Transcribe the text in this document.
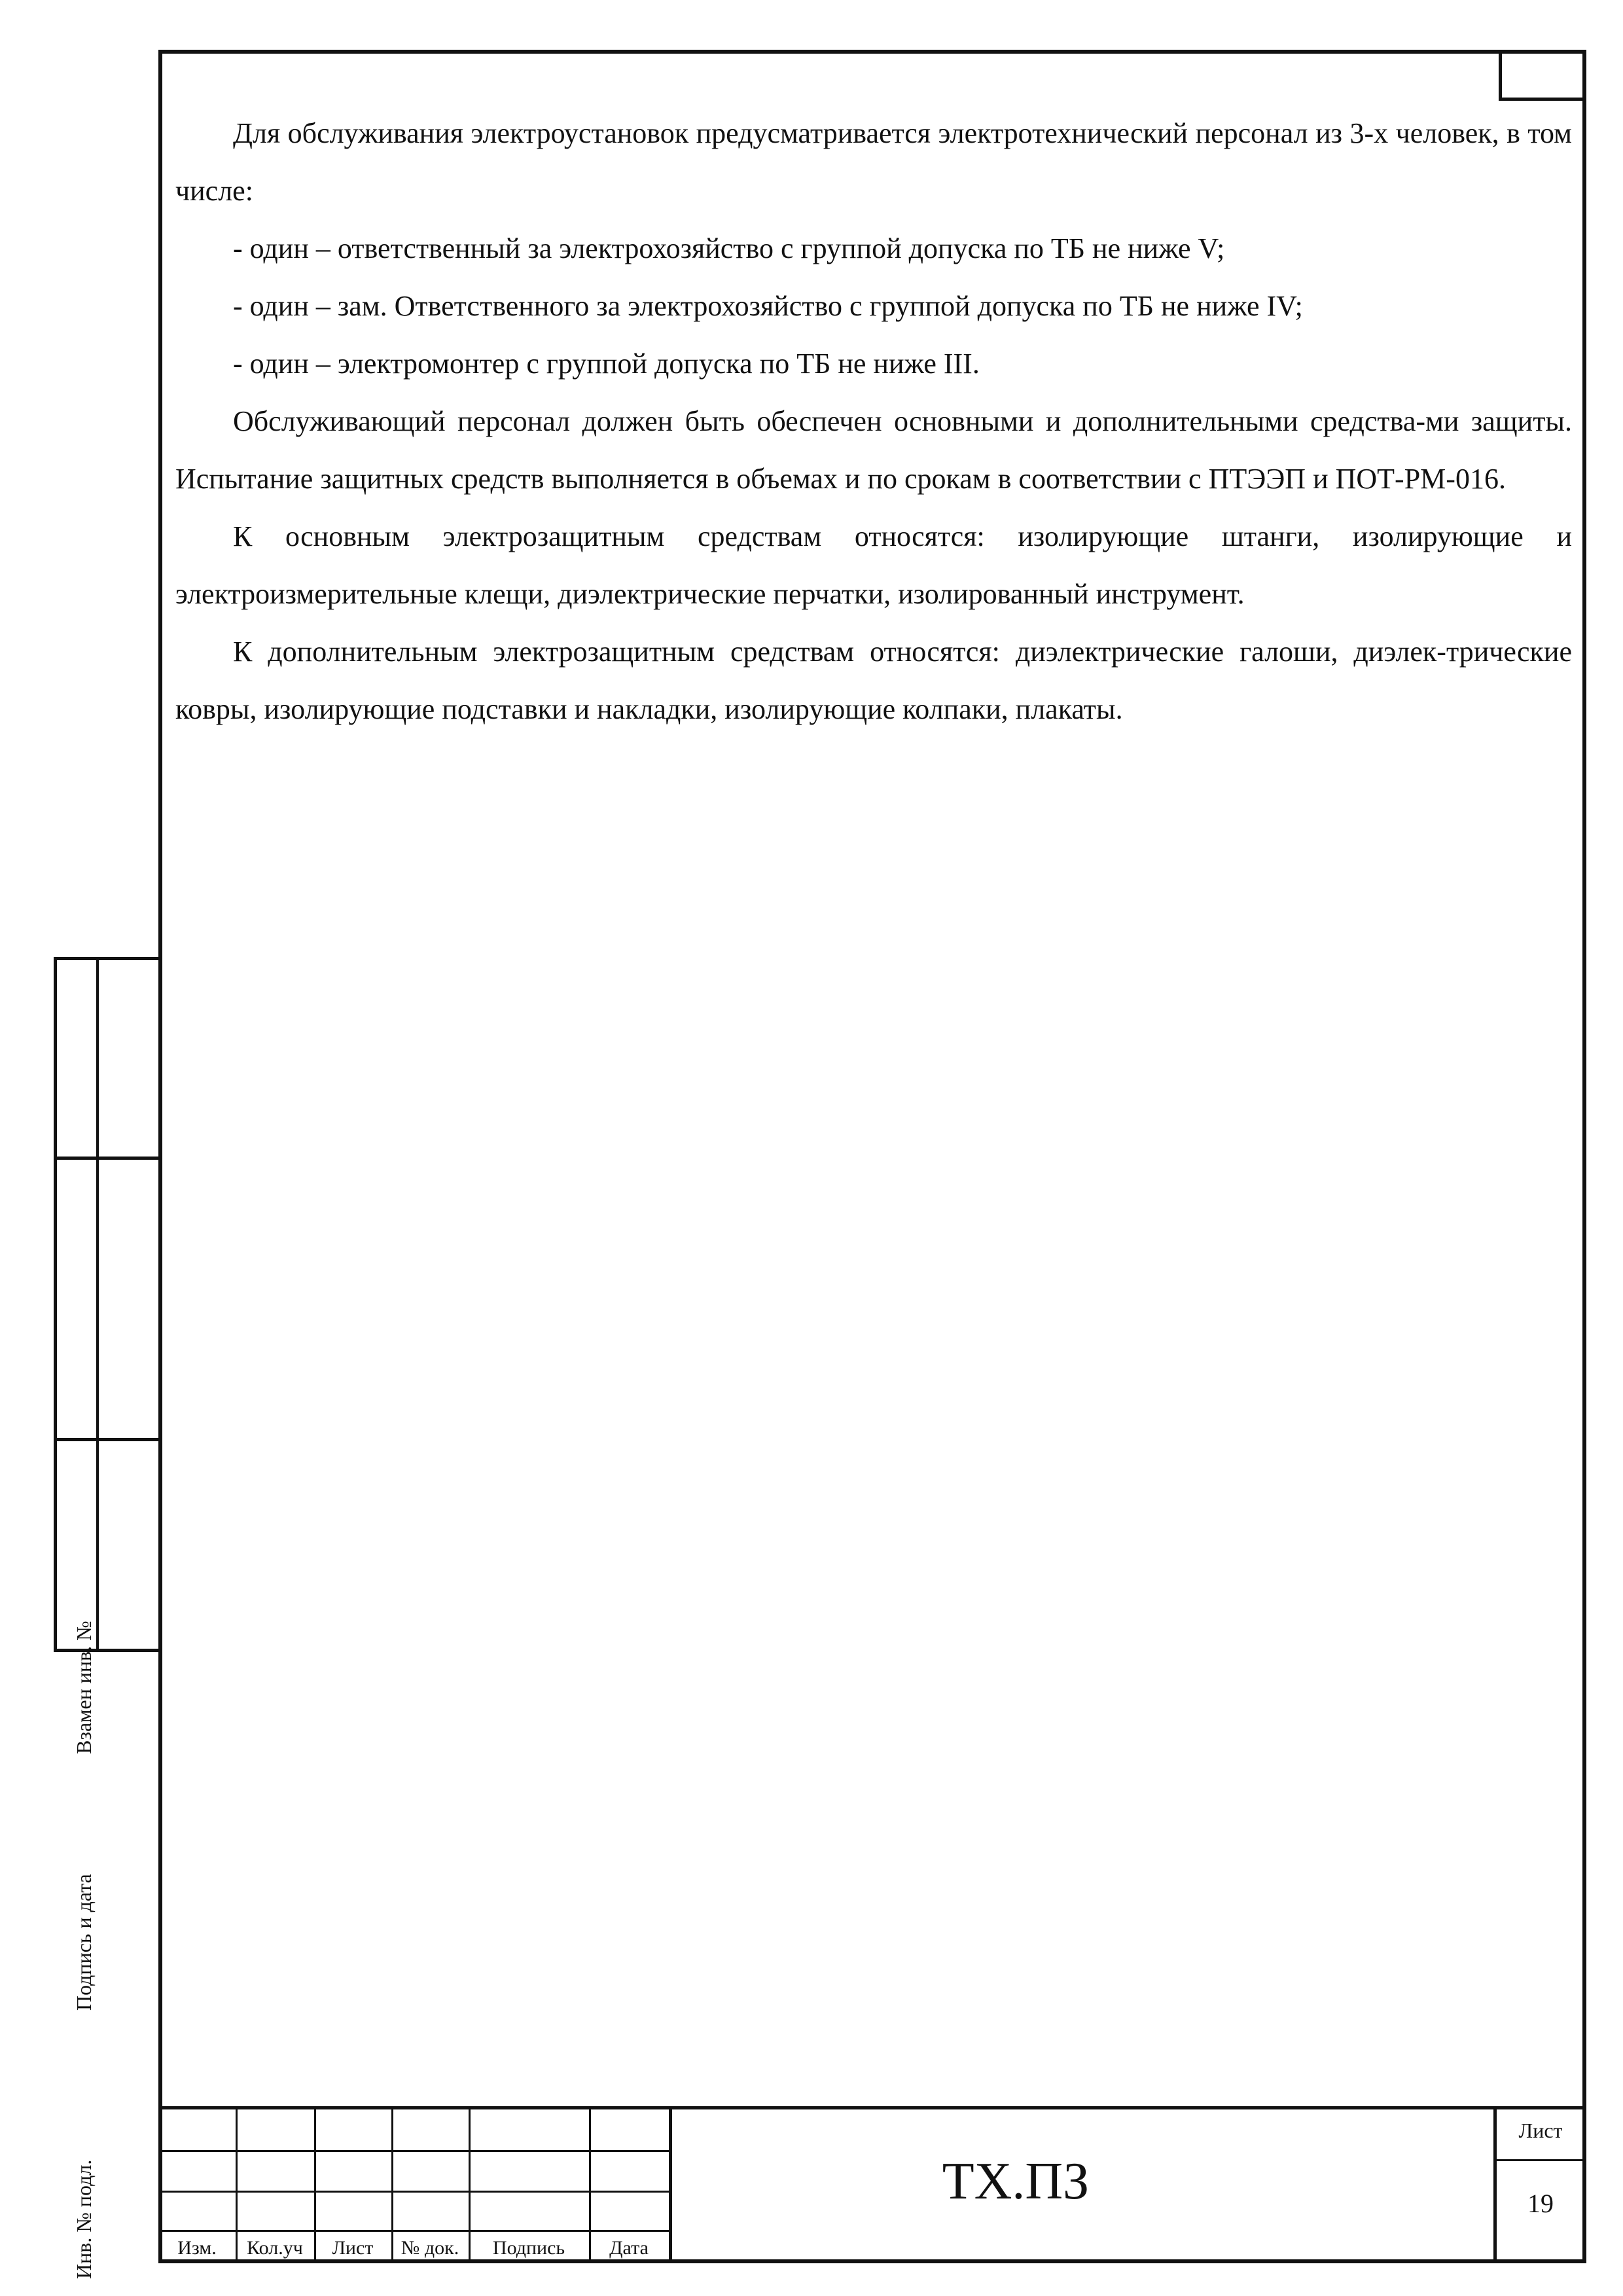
Для обслуживания электроустановок предусматривается электротехнический персонал из 3-х человек, в том числе:

- один – ответственный за электрохозяйство с группой допуска по ТБ не ниже V;

- один – зам. Ответственного за электрохозяйство с группой допуска по ТБ не ниже IV;

- один – электромонтер с группой допуска по ТБ не ниже III.

Обслуживающий персонал должен быть обеспечен основными и дополнительными средства-ми защиты. Испытание защитных средств выполняется в объемах и по срокам в соответствии с ПТЭЭП и ПОТ-РМ-016.

К основным электрозащитным средствам относятся: изолирующие штанги, изолирующие и электроизмерительные клещи, диэлектрические перчатки, изолированный инструмент.

К дополнительным электрозащитным средствам относятся: диэлектрические галоши, диэлек-трические ковры, изолирующие подставки и накладки, изолирующие колпаки, плакаты.

Взамен инв. №
Подпись и дата
Инв. № подл.	Изм.	Кол.уч	Лист	№ док.	Подпись	Дата
ТХ.ПЗ
Лист
19
